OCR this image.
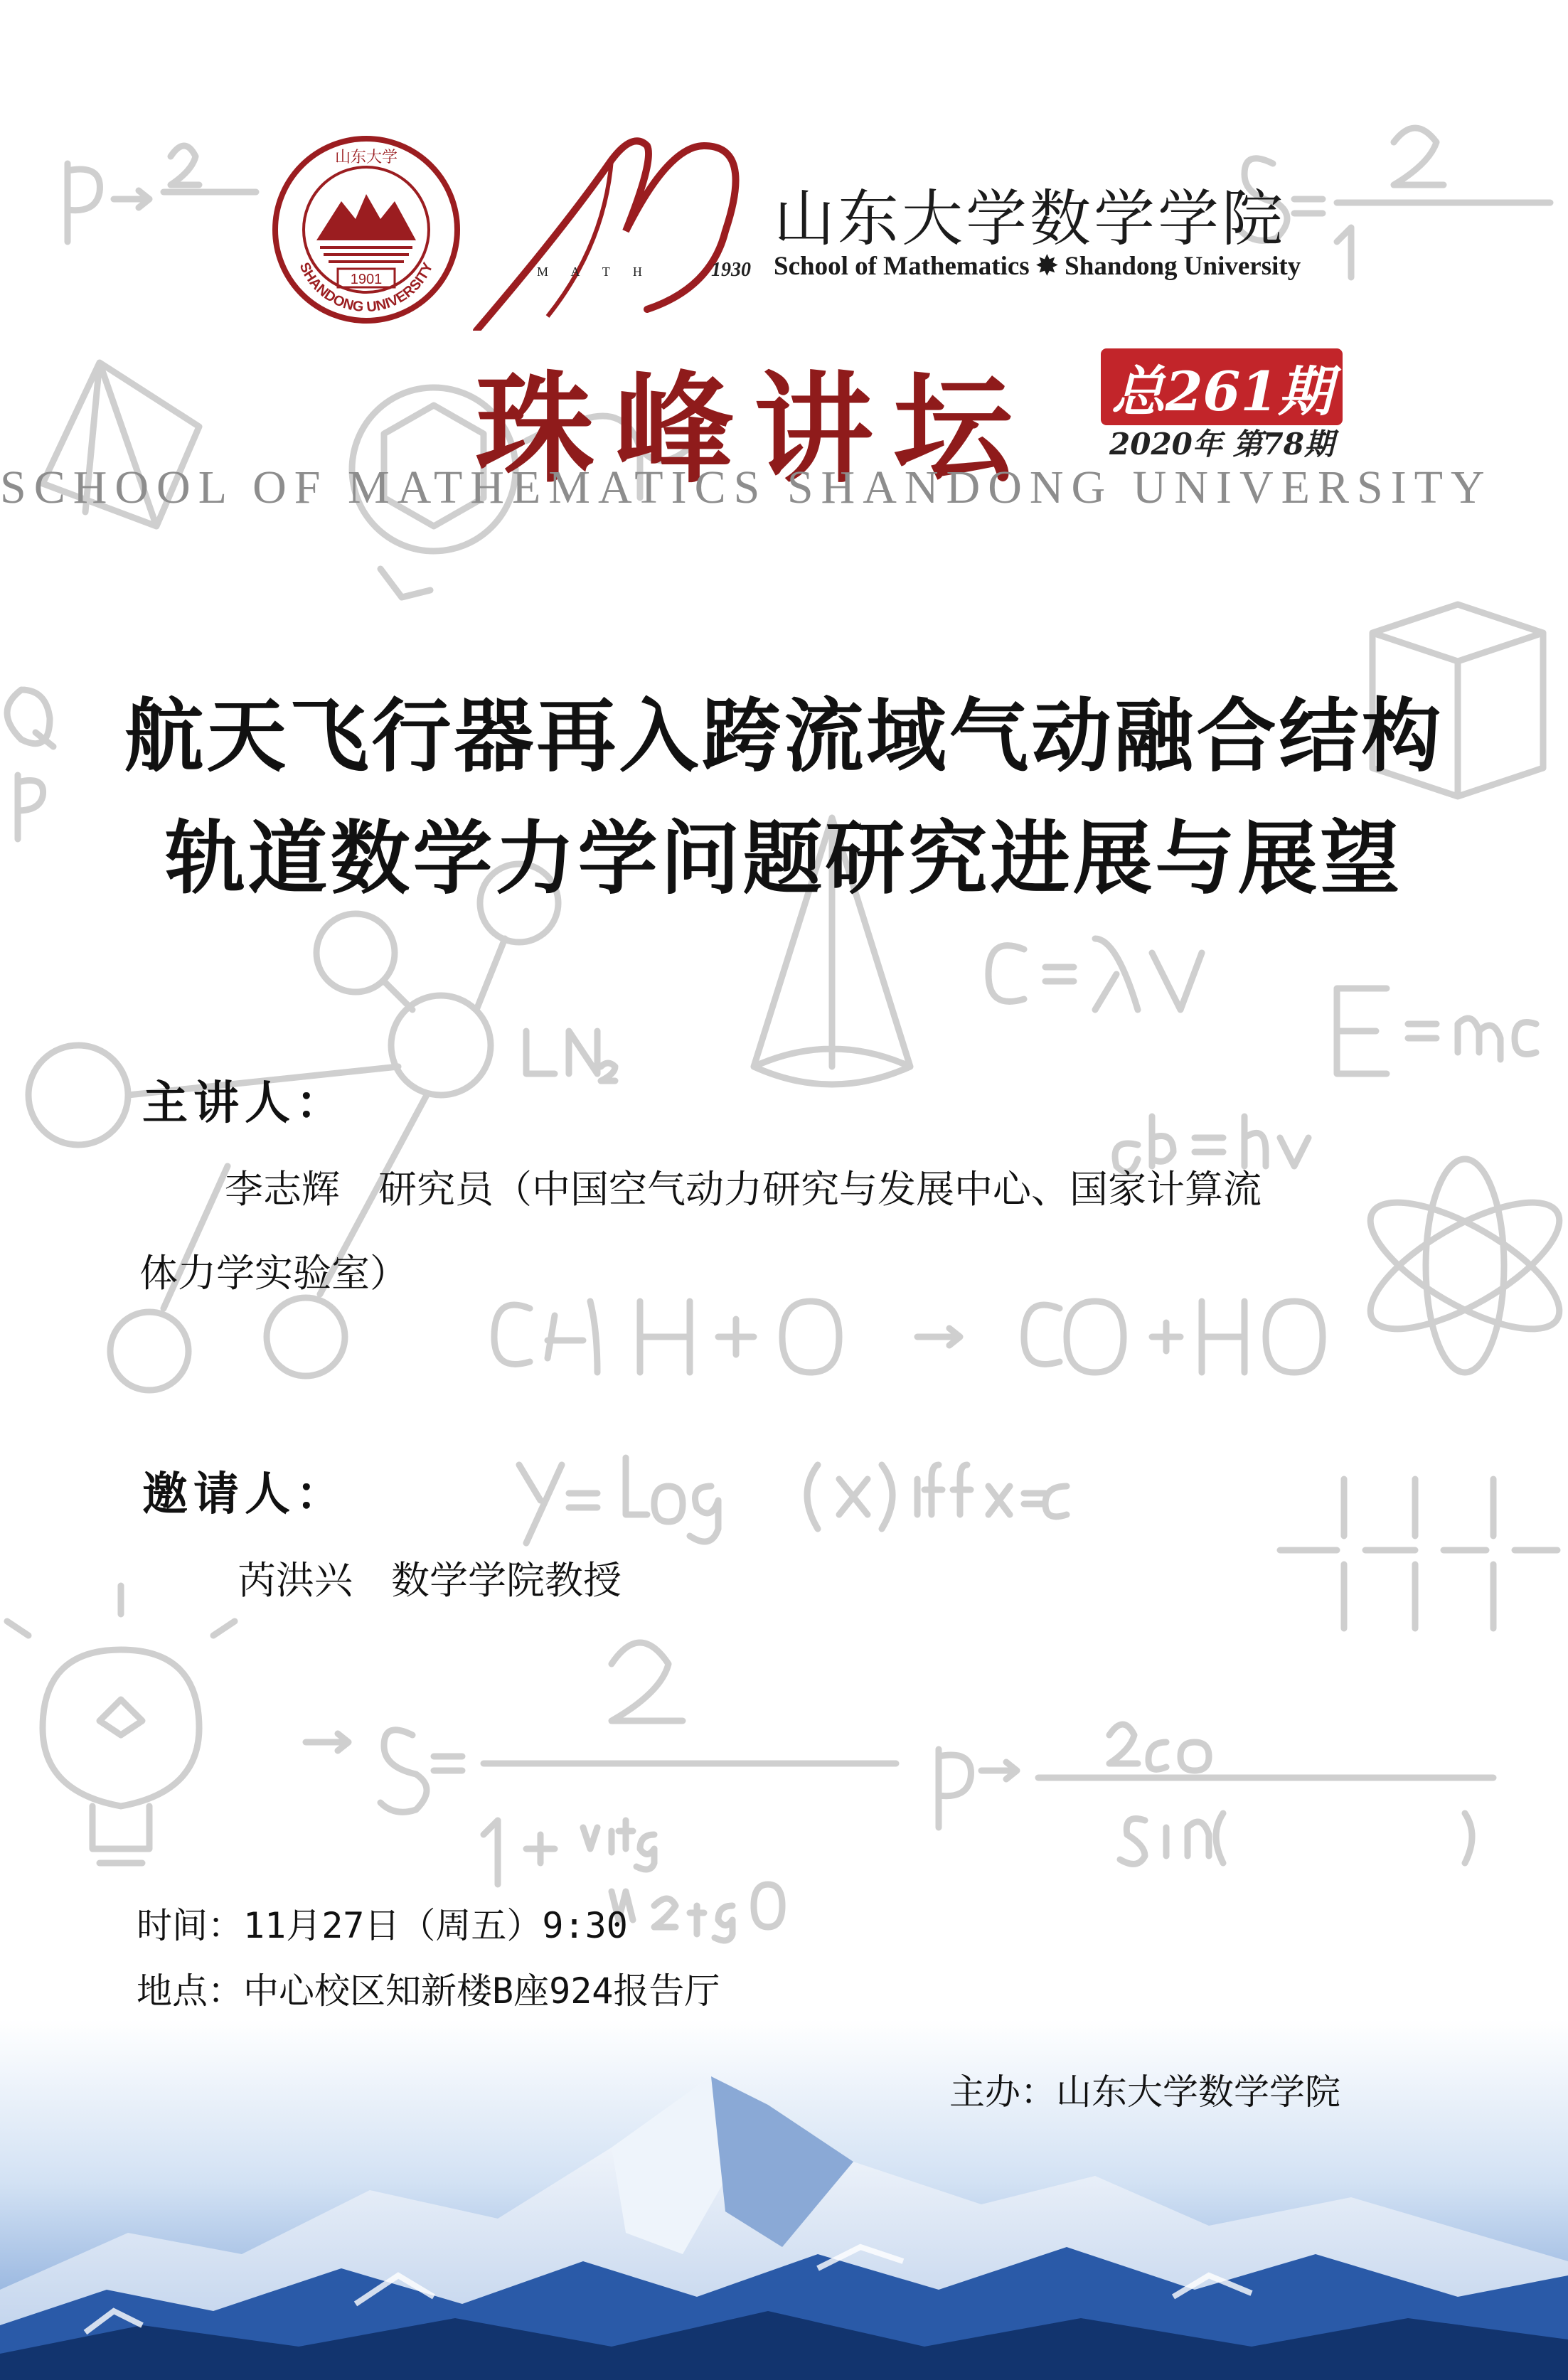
1901
山东大学
SHANDONG UNIVERSITY	M A T H	1930
山东大学数学学院
School of Mathematics ✸ Shandong University
珠峰讲坛 总261期
2020年 第78期
SCHOOL OF MATHEMATICS SHANDONG UNIVERSITY
航天飞行器再入跨流域气动融合结构
轨道数学力学问题研究进展与展望
主讲人：
李志辉　研究员（中国空气动力研究与发展中心、国家计算流
体力学实验室）
邀请人：
芮洪兴　数学学院教授
时间：11月27日（周五）9:30
地点：中心校区知新楼B座924报告厅
主办：山东大学数学学院
